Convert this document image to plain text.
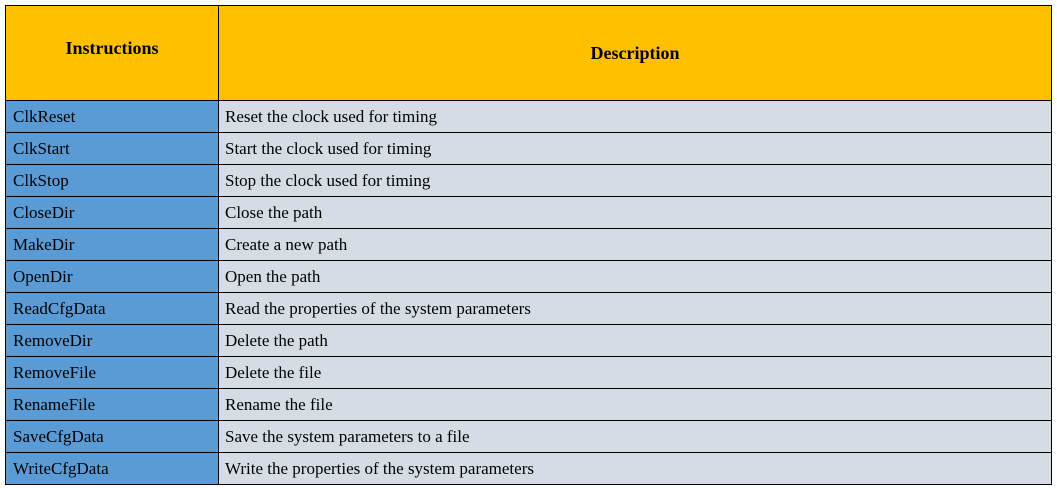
Instructions	Description
ClkReset	Reset the clock used for timing
ClkStart	Start the clock used for timing
ClkStop	Stop the clock used for timing
CloseDir	Close the path
MakeDir	Create a new path
OpenDir	Open the path
ReadCfgData	Read the properties of the system parameters
RemoveDir	Delete the path
RemoveFile	Delete the file
RenameFile	Rename the file
SaveCfgData	Save the system parameters to a file
WriteCfgData	Write the properties of the system parameters
